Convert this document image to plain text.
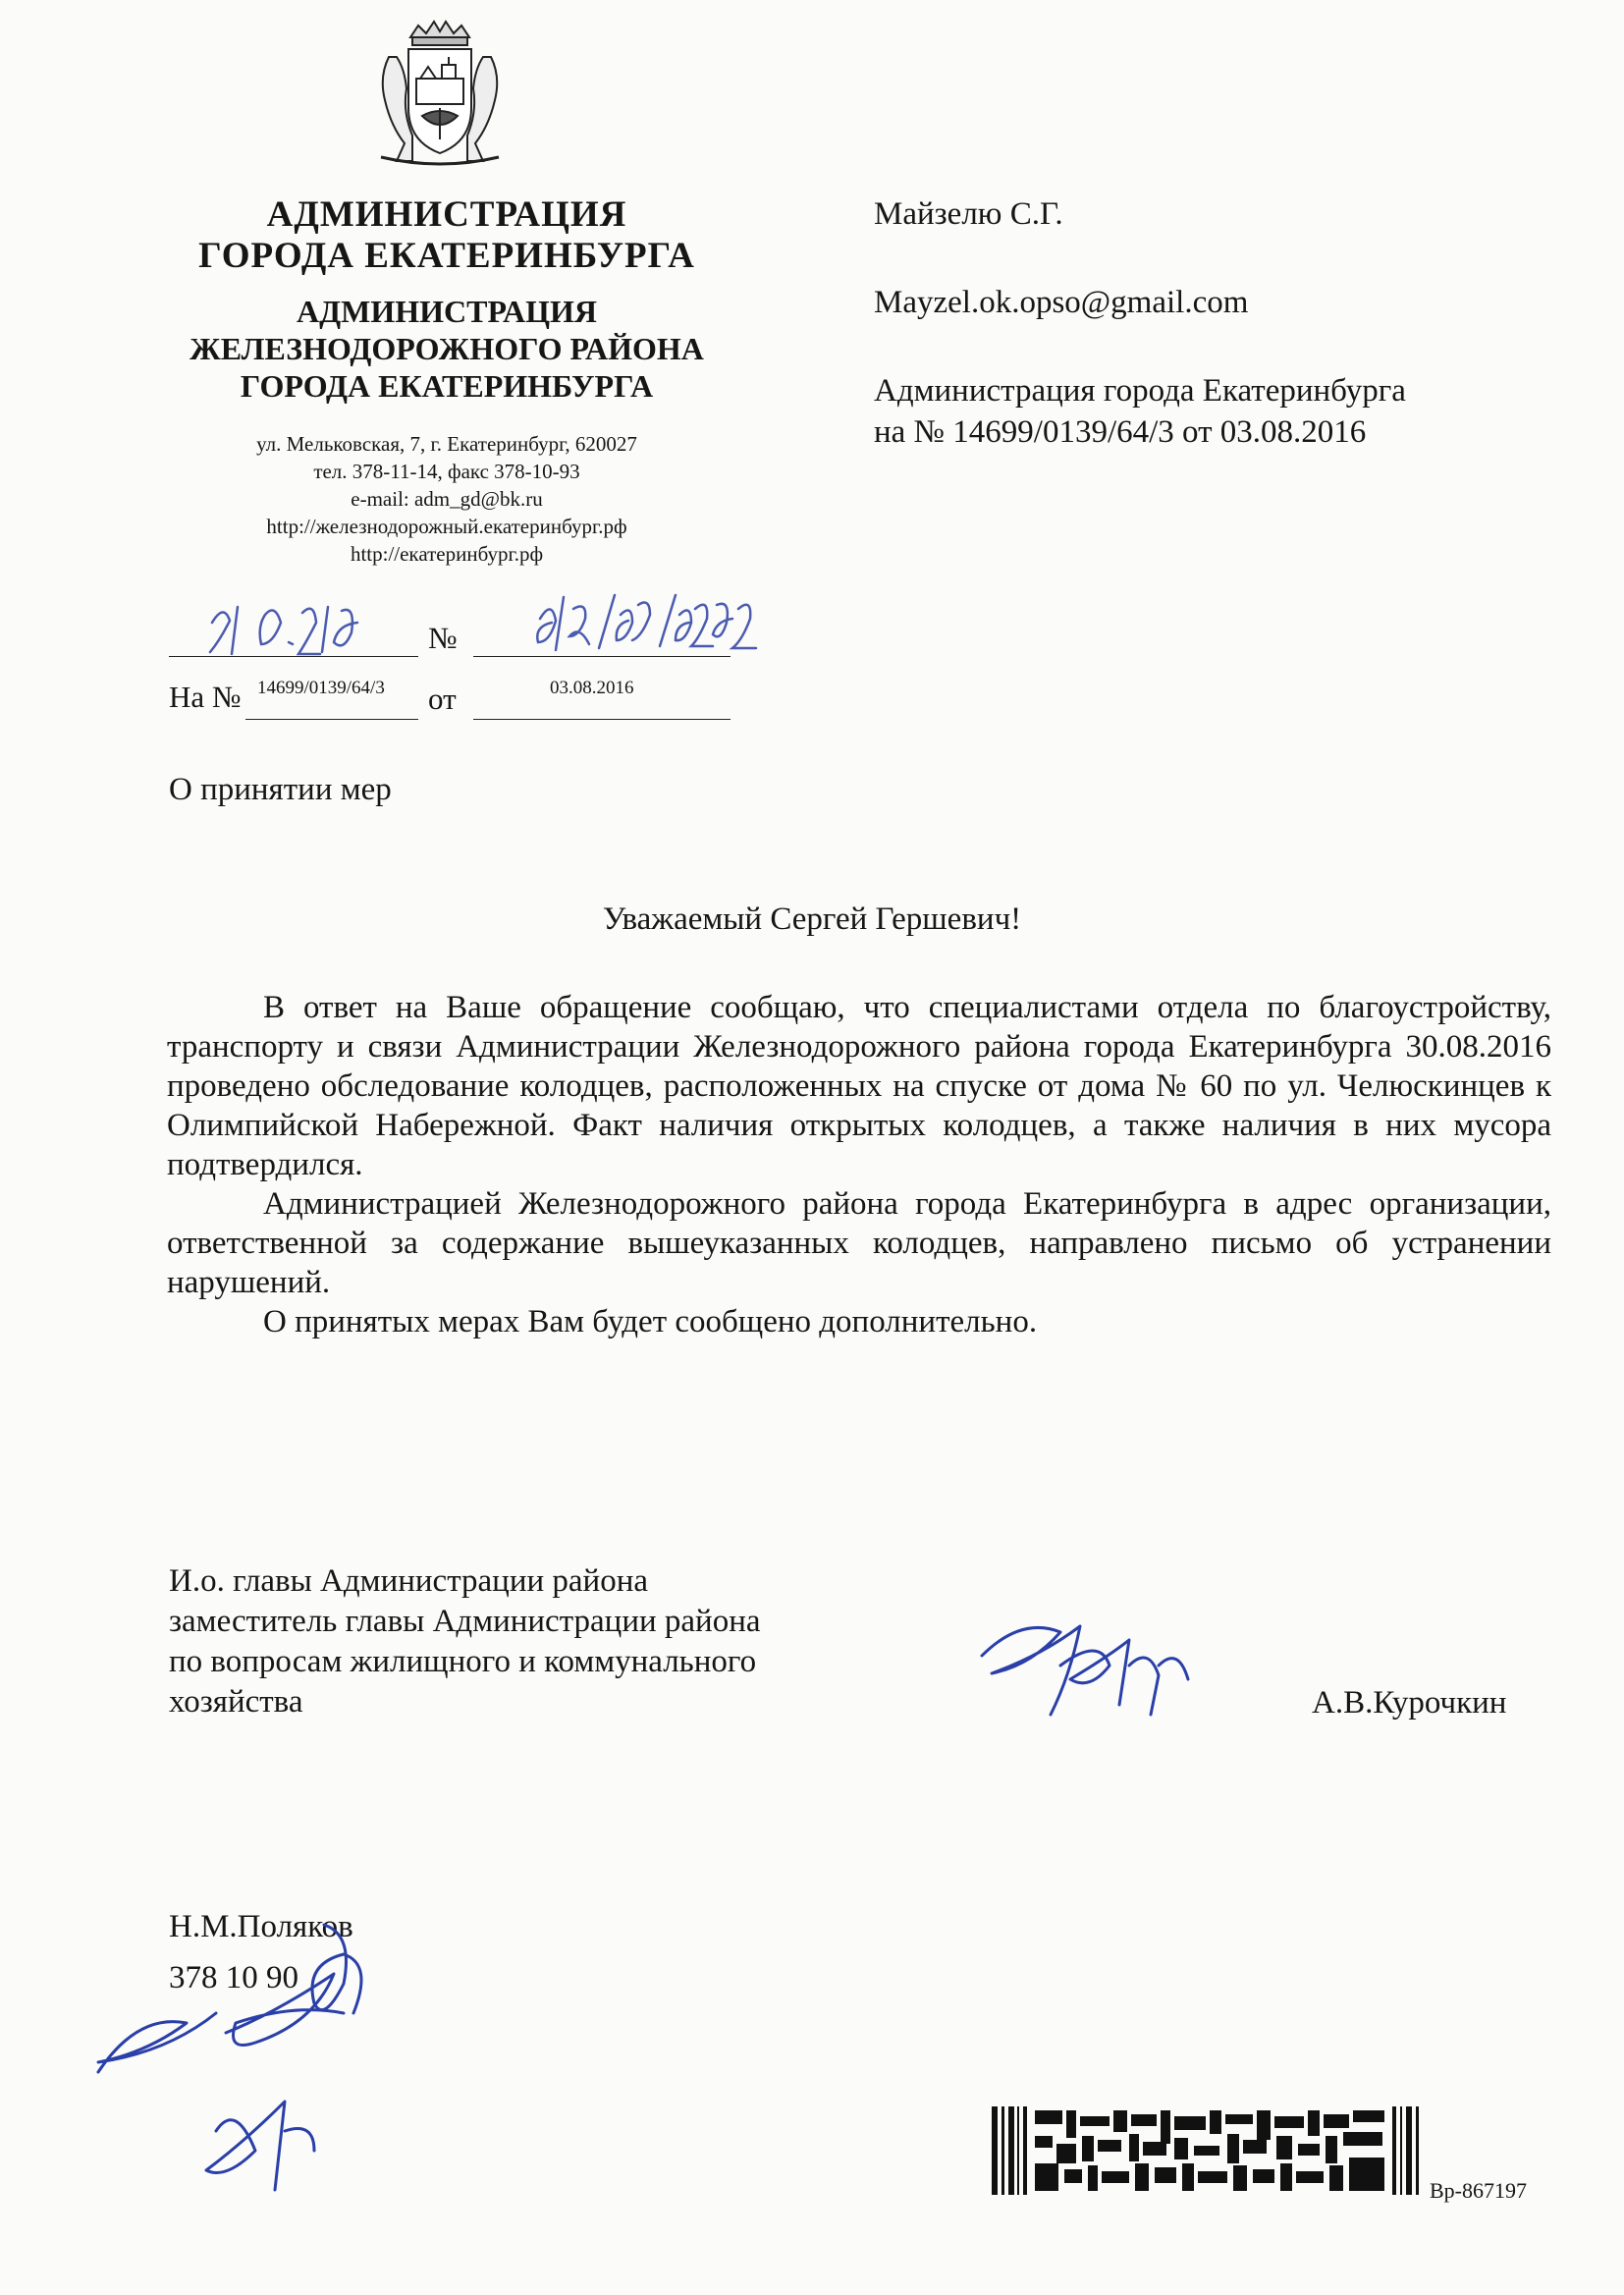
АДМИНИСТРАЦИЯ
ГОРОДА ЕКАТЕРИНБУРГА
АДМИНИСТРАЦИЯ
ЖЕЛЕЗНОДОРОЖНОГО РАЙОНА
ГОРОДА ЕКАТЕРИНБУРГА
ул. Мельковская, 7, г. Екатеринбург, 620027
тел. 378-11-14, факс 378-10-93
e-mail: adm_gd@bk.ru
http://железнодорожный.екатеринбург.рф
http://екатеринбург.рф
№
На № 14699/0139/64/3 от	03.08.2016
Майзелю С.Г.
Mayzel.ok.opso@gmail.com
Администрация города Екатеринбурга
на № 14699/0139/64/3 от 03.08.2016
О принятии мер
Уважаемый Сергей Гершевич!

В ответ на Ваше обращение сообщаю, что специалистами отдела по благоустройству, транспорту и связи Администрации Железнодорожного района города Екатеринбурга 30.08.2016 проведено обследование колодцев, расположенных на спуске от дома № 60 по ул. Челюскинцев к Олимпийской Набережной. Факт наличия открытых колодцев, а также наличия в них мусора подтвердился.

Администрацией Железнодорожного района города Екатеринбурга в адрес организации, ответственной за содержание вышеуказанных колодцев, направлено письмо об устранении нарушений.

О принятых мерах Вам будет сообщено дополнительно.

И.о. главы Администрации района
заместитель главы Администрации района
по вопросам жилищного и коммунального
хозяйства	А.В.Курочкин
Н.М.Поляков
378 10 90
Вр-867197
